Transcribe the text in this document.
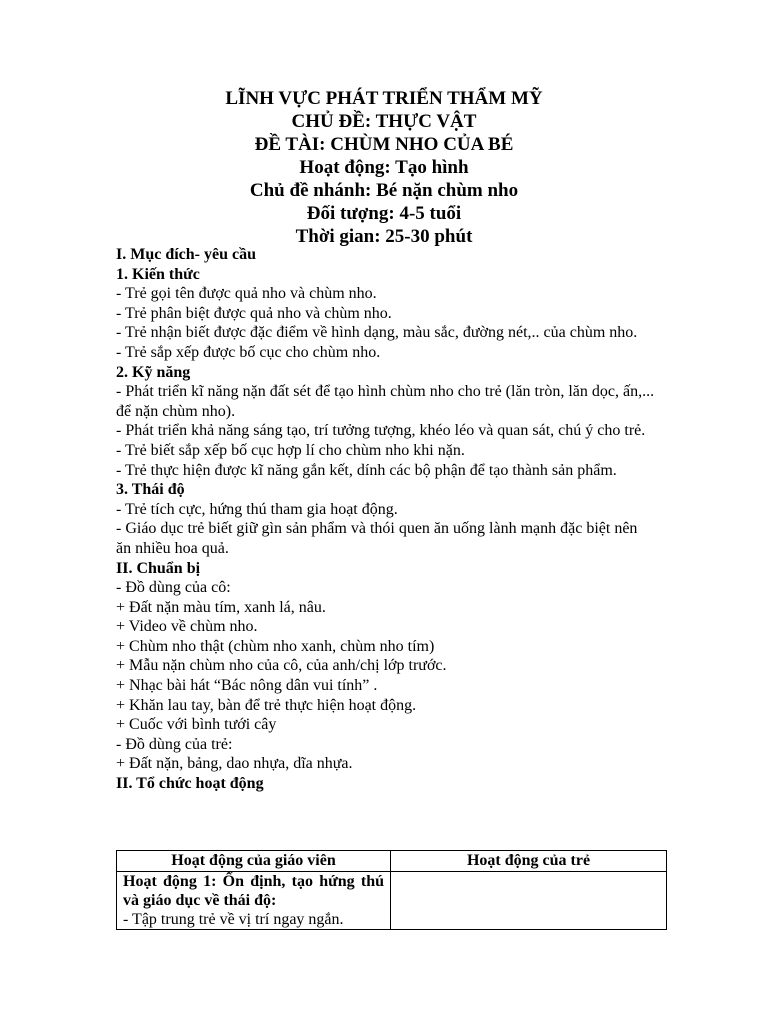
LĨNH VỰC PHÁT TRIỂN THẨM MỸ
CHỦ ĐỀ: THỰC VẬT
ĐỀ TÀI: CHÙM NHO CỦA BÉ
Hoạt động: Tạo hình
Chủ đề nhánh: Bé nặn chùm nho
Đối tượng: 4-5 tuổi
Thời gian: 25-30 phút

I. Mục đích- yêu cầu

1. Kiến thức

- Trẻ gọi tên được quả nho và chùm nho.

- Trẻ phân biệt được quả nho và chùm nho.

- Trẻ nhận biết được đặc điểm về hình dạng, màu sắc, đường nét,.. của chùm nho.

- Trẻ sắp xếp được bố cục cho chùm nho.

2. Kỹ năng

- Phát triển kĩ năng nặn đất sét để tạo hình chùm nho cho trẻ (lăn tròn, lăn dọc, ấn,... để nặn chùm nho).

- Phát triển khả năng sáng tạo, trí tưởng tượng, khéo léo và quan sát, chú ý cho trẻ.

- Trẻ biết sắp xếp bố cục hợp lí cho chùm nho khi nặn.

- Trẻ thực hiện được kĩ năng gắn kết, dính các bộ phận để tạo thành sản phẩm.

3. Thái độ

- Trẻ tích cực, hứng thú tham gia hoạt động.

- Giáo dục trẻ biết giữ gìn sản phẩm và thói quen ăn uống lành mạnh đặc biệt nên ăn nhiều hoa quả.

II. Chuẩn bị

- Đồ dùng của cô:

+ Đất nặn màu tím, xanh lá, nâu.

+ Video về chùm nho.

+ Chùm nho thật (chùm nho xanh, chùm nho tím)

+ Mẫu nặn chùm nho của cô, của anh/chị lớp trước.

+ Nhạc bài hát “Bác nông dân vui tính” .

+ Khăn lau tay, bàn để trẻ thực hiện hoạt động.

+ Cuốc với bình tưới cây

- Đồ dùng của trẻ:

+ Đất nặn, bảng, dao nhựa, dĩa nhựa.

II. Tổ chức hoạt động

Hoạt động của giáo viên	Hoạt động của trẻ

Hoạt động 1: Ổn định, tạo hứng thú và giáo dục về thái độ:
- Tập trung trẻ về vị trí ngay ngắn.	
